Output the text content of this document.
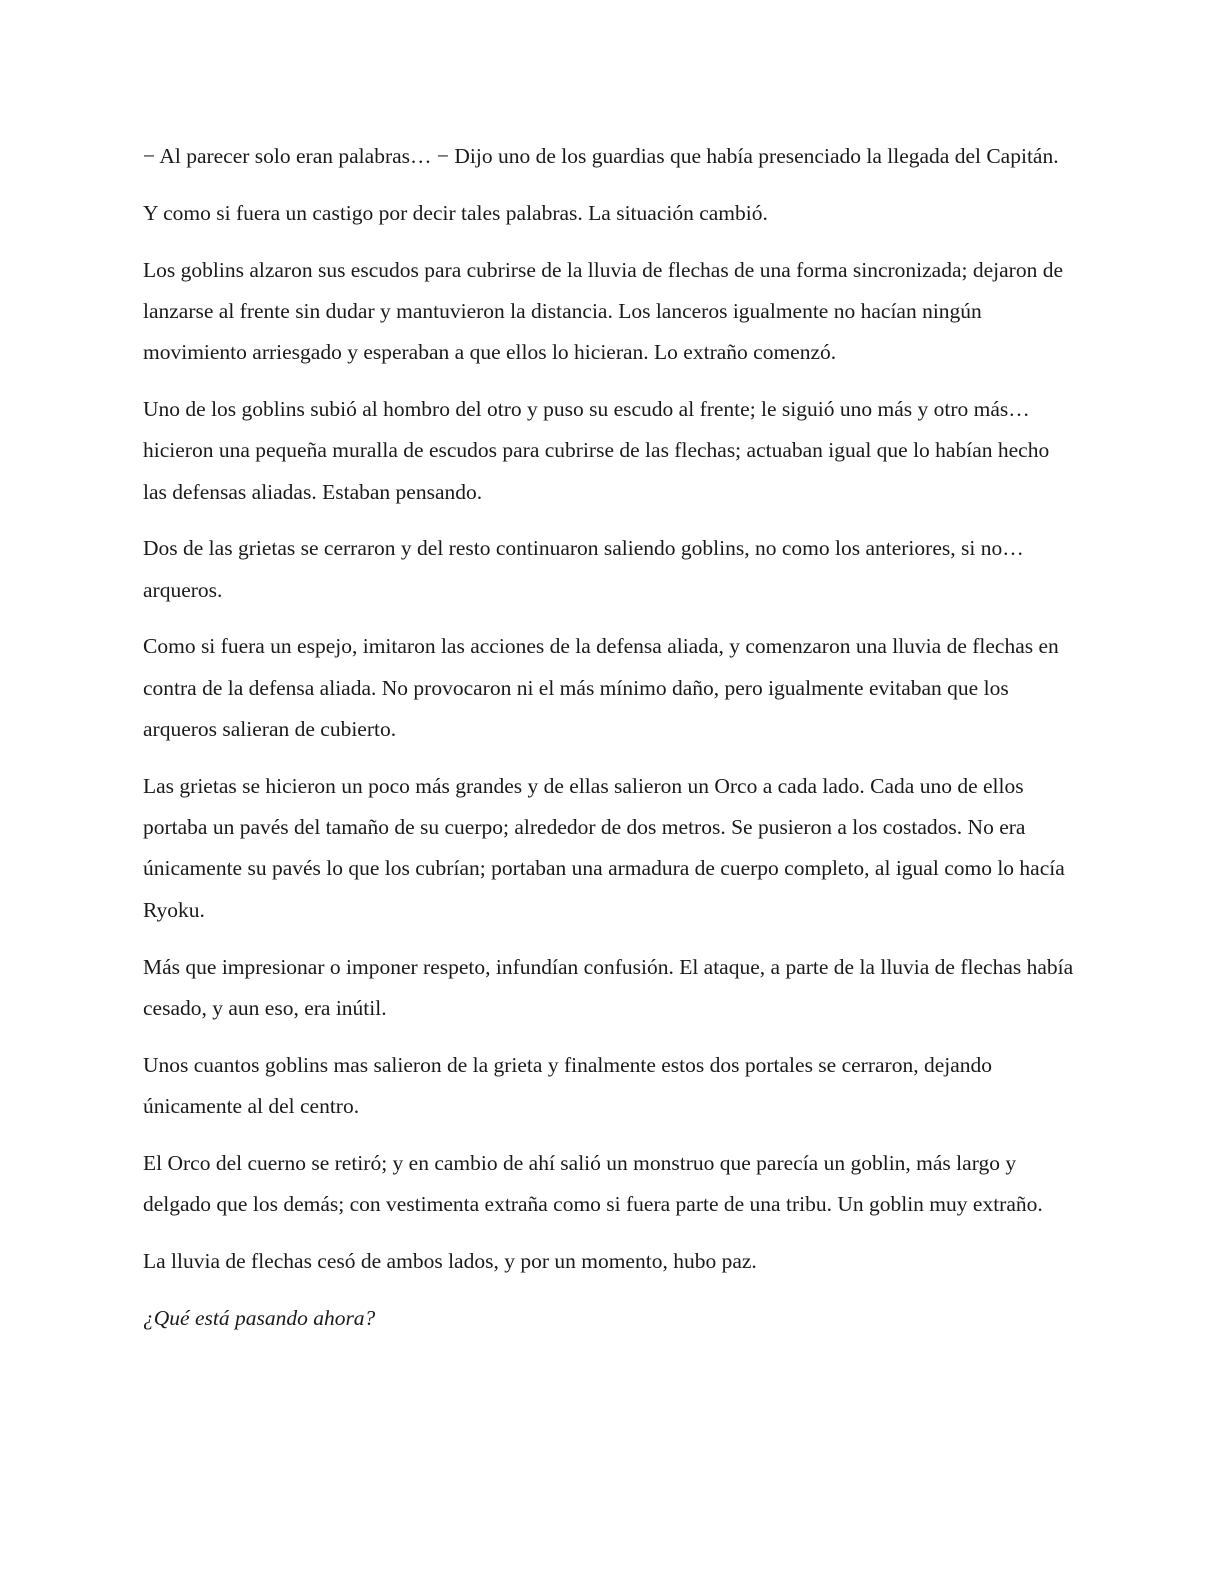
− Al parecer solo eran palabras… − Dijo uno de los guardias que había presenciado la llegada del Capitán.

Y como si fuera un castigo por decir tales palabras. La situación cambió.

Los goblins alzaron sus escudos para cubrirse de la lluvia de flechas de una forma sincronizada; dejaron de lanzarse al frente sin dudar y mantuvieron la distancia. Los lanceros igualmente no hacían ningún movimiento arriesgado y esperaban a que ellos lo hicieran. Lo extraño comenzó.

Uno de los goblins subió al hombro del otro y puso su escudo al frente; le siguió uno más y otro más… hicieron una pequeña muralla de escudos para cubrirse de las flechas; actuaban igual que lo habían hecho las defensas aliadas. Estaban pensando.

Dos de las grietas se cerraron y del resto continuaron saliendo goblins, no como los anteriores, si no… arqueros.

Como si fuera un espejo, imitaron las acciones de la defensa aliada, y comenzaron una lluvia de flechas en contra de la defensa aliada. No provocaron ni el más mínimo daño, pero igualmente evitaban que los arqueros salieran de cubierto.

Las grietas se hicieron un poco más grandes y de ellas salieron un Orco a cada lado. Cada uno de ellos portaba un pavés del tamaño de su cuerpo; alrededor de dos metros. Se pusieron a los costados. No era únicamente su pavés lo que los cubrían; portaban una armadura de cuerpo completo, al igual como lo hacía Ryoku.

Más que impresionar o imponer respeto, infundían confusión. El ataque, a parte de la lluvia de flechas había cesado, y aun eso, era inútil.

Unos cuantos goblins mas salieron de la grieta y finalmente estos dos portales se cerraron, dejando únicamente al del centro.

El Orco del cuerno se retiró; y en cambio de ahí salió un monstruo que parecía un goblin, más largo y delgado que los demás; con vestimenta extraña como si fuera parte de una tribu. Un goblin muy extraño.

La lluvia de flechas cesó de ambos lados, y por un momento, hubo paz.

¿Qué está pasando ahora?
